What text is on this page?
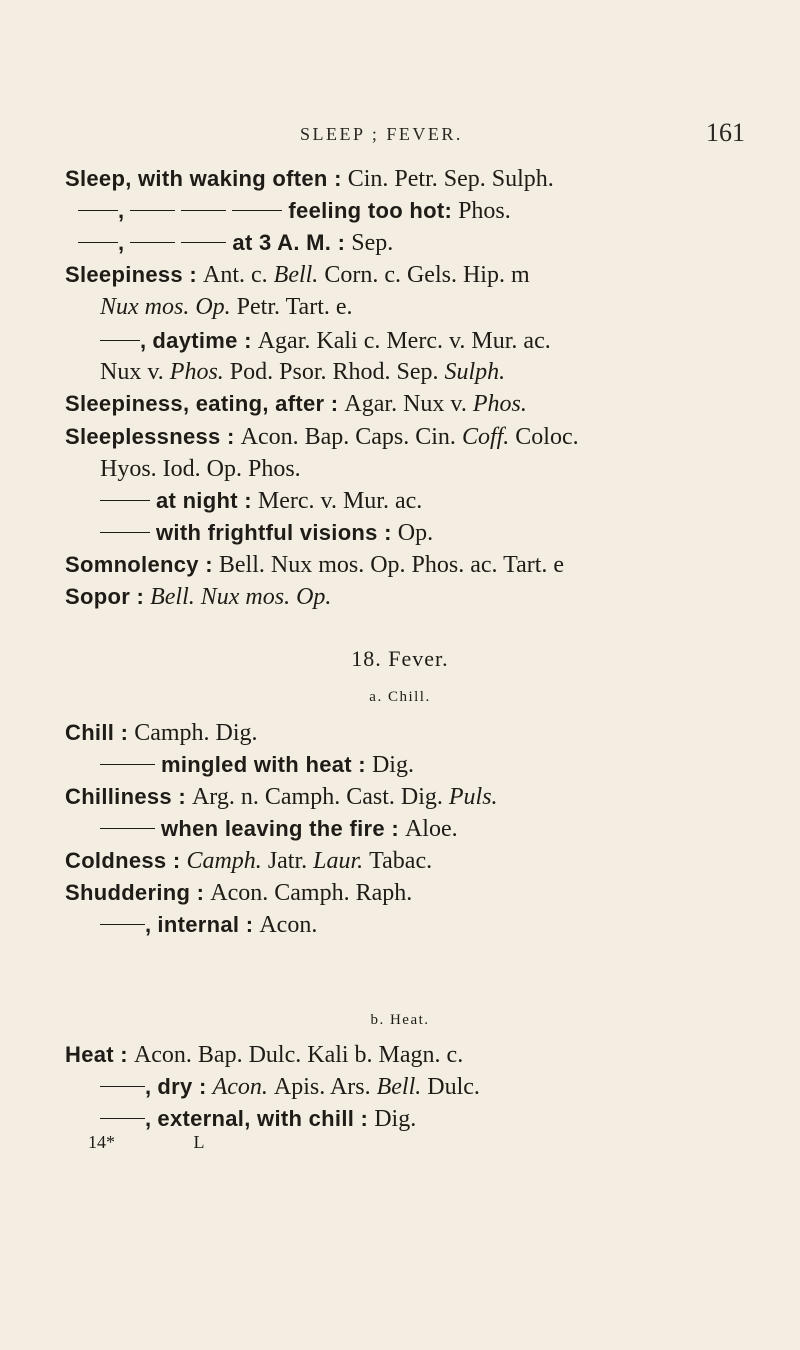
SLEEP ; FEVER.	161
Sleep, with waking often : Cin. Petr. Sep. Sulph.
,	feeling too hot: Phos.
,	at 3 A. M. : Sep.
Sleepiness : Ant. c. Bell. Corn. c. Gels. Hip. m
Nux mos. Op. Petr. Tart. e.
, daytime : Agar. Kali c. Merc. v. Mur. ac.
Nux v. Phos. Pod. Psor. Rhod. Sep. Sulph.
Sleepiness, eating, after : Agar. Nux v. Phos.
Sleeplessness : Acon. Bap. Caps. Cin. Coff. Coloc.
Hyos. Iod. Op. Phos.
at night : Merc. v. Mur. ac.
with frightful visions : Op.
Somnolency : Bell. Nux mos. Op. Phos. ac. Tart. e
Sopor : Bell. Nux mos. Op.
18. Fever.
a. Chill.
Chill : Camph. Dig.
mingled with heat : Dig.
Chilliness : Arg. n. Camph. Cast. Dig. Puls.
when leaving the fire : Aloe.
Coldness : Camph. Jatr. Laur. Tabac.
Shuddering : Acon. Camph. Raph.
, internal : Acon.
b. Heat.
Heat : Acon. Bap. Dulc. Kali b. Magn. c.
, dry : Acon. Apis. Ars. Bell. Dulc.
, external, with chill : Dig.
14*	L
